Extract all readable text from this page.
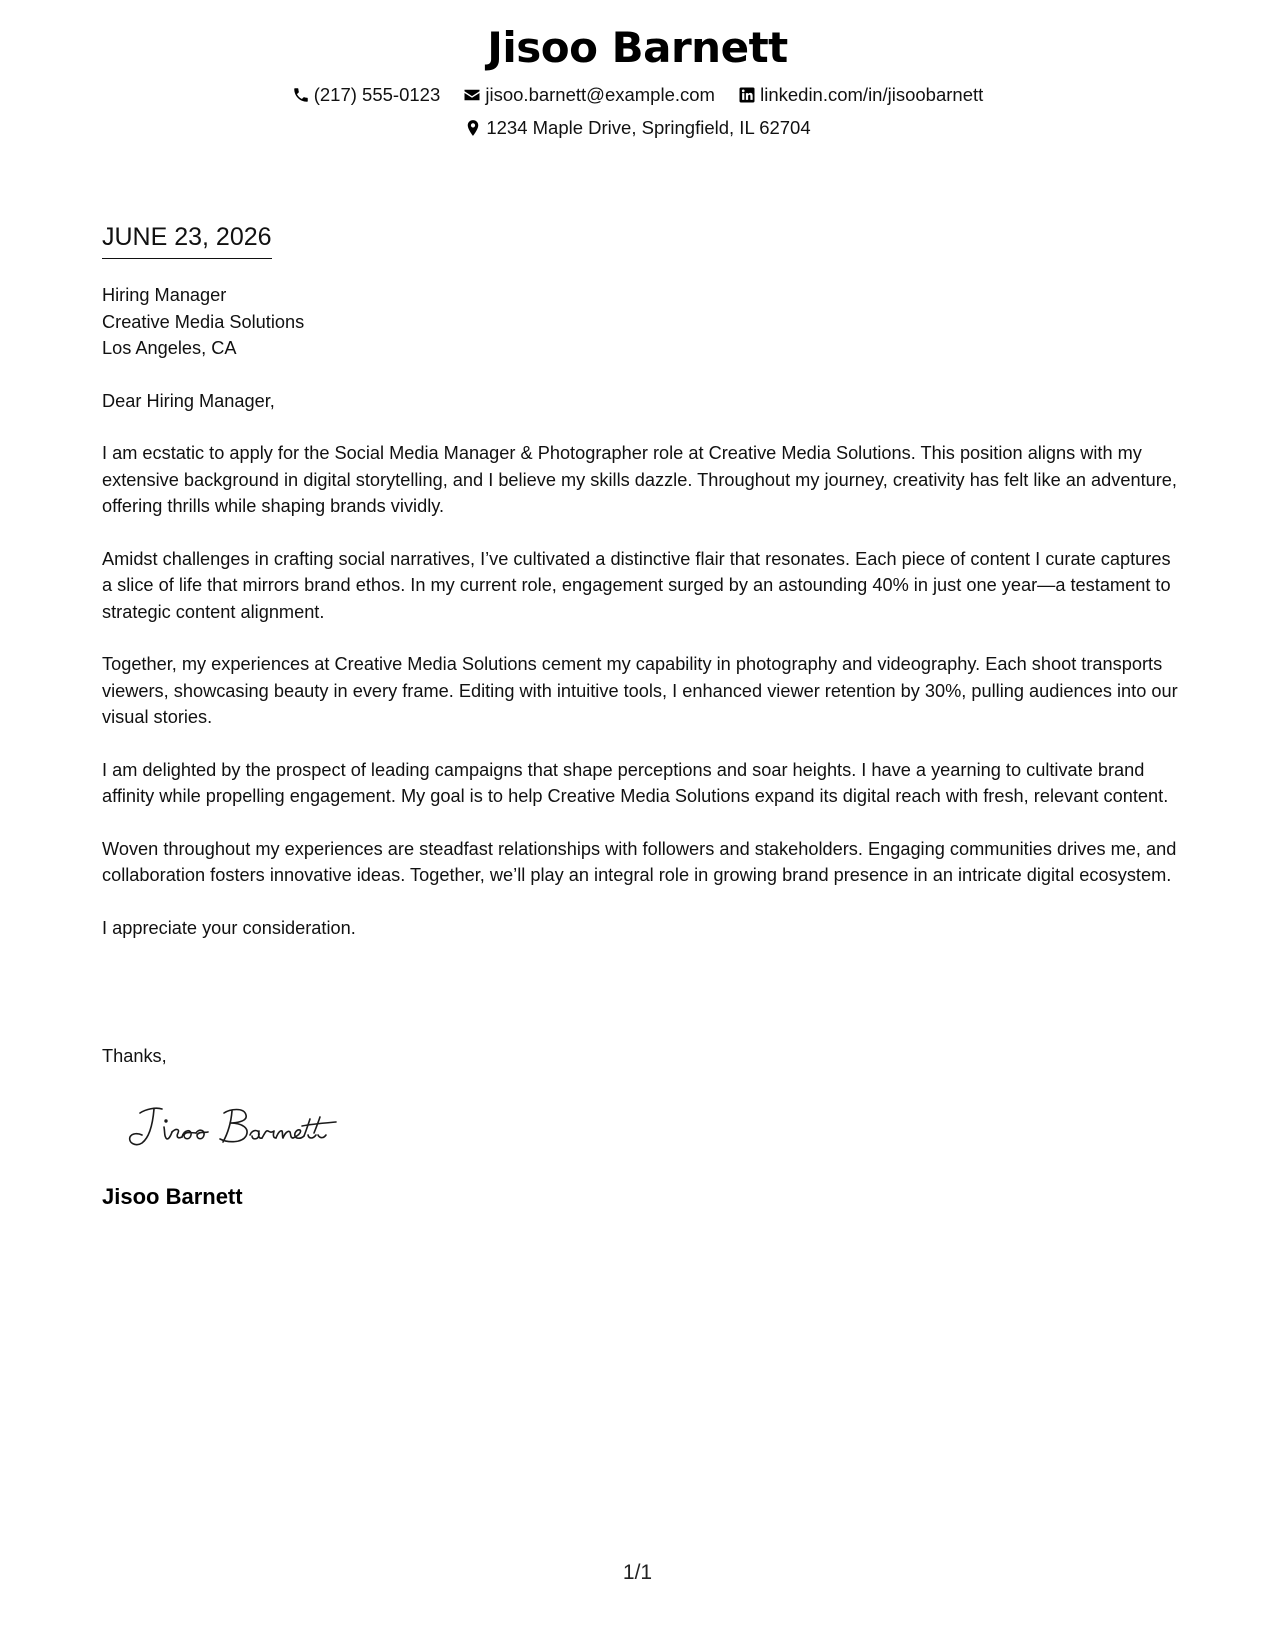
Jisoo Barnett
(217) 555-0123
jisoo.barnett@example.com
linkedin.com/in/jisoobarnett
1234 Maple Drive, Springfield, IL 62704
JUNE 23, 2026
Hiring Manager
Creative Media Solutions
Los Angeles, CA

Dear Hiring Manager,

I am ecstatic to apply for the Social Media Manager & Photographer role at Creative Media Solutions. This position aligns with my extensive background in digital storytelling, and I believe my skills dazzle. Throughout my journey, creativity has felt like an adventure, offering thrills while shaping brands vividly.

Amidst challenges in crafting social narratives, I’ve cultivated a distinctive flair that resonates. Each piece of content I curate captures a slice of life that mirrors brand ethos. In my current role, engagement surged by an astounding 40% in just one year—a testament to strategic content alignment.

Together, my experiences at Creative Media Solutions cement my capability in photography and videography. Each shoot transports viewers, showcasing beauty in every frame. Editing with intuitive tools, I enhanced viewer retention by 30%, pulling audiences into our visual stories.

I am delighted by the prospect of leading campaigns that shape perceptions and soar heights. I have a yearning to cultivate brand affinity while propelling engagement. My goal is to help Creative Media Solutions expand its digital reach with fresh, relevant content.

Woven throughout my experiences are steadfast relationships with followers and stakeholders. Engaging communities drives me, and collaboration fosters innovative ideas. Together, we’ll play an integral role in growing brand presence in an intricate digital ecosystem.

I appreciate your consideration.

Thanks,
Jisoo Barnett
1/1
